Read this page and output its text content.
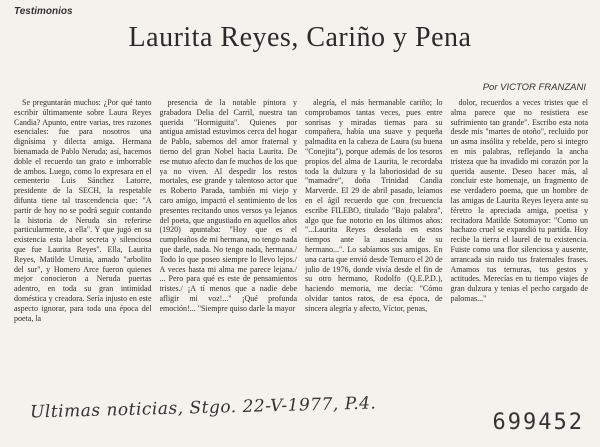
Testimonios
Laurita Reyes, Cariño y Pena
Por VICTOR FRANZANI

Se preguntarán muchos: ¿Por qué tanto escribir últimamente sobre Laura Reyes Candia? Apunto, entre varias, tres razones esenciales: fue para nosotros una dignísima y dilecta amiga. Hermana bienamada de Pablo Neruda; así, hacemos doble el recuerdo tan grato e imborrable de ambos. Luego, como lo expresara en el cementerio Luis Sánchez Latorre, presidente de la SECH, la respetable difunta tiene tal trascendencia que: "A partir de hoy no se podrá seguir contando la historia de Neruda sin referirse particularmente, a ella". Y que jugó en su existencia esta labor secreta y silenciosa que fue Laurita Reyes". Ella, Laurita Reyes, Matilde Urrutia, amado "arbolito del sur", y Homero Arce fueron quienes mejor conocieron a Neruda puertas adentro, en toda su gran intimidad doméstica y creadora. Sería injusto en este aspecto ignorar, para toda una época del poeta, la

presencia de la notable pintora y grabadora Delia del Carril, nuestra tan querida "Hormiguita". Quienes por antigua amistad estuvimos cerca del hogar de Pablo, sabemos del amor fraternal y tierno del gran Nobel hacia Laurita. De ese mutuo afecto dan fe muchos de los que ya no viven. Al despedir los restos mortales, ese grande y talentoso actor que es Roberto Parada, también mi viejo y caro amigo, impactó el sentimiento de los presentes recitando unos versos ya lejanos del poeta, que angustiado en aquellos años (1920) apuntaba: "Hoy que es el cumpleaños de mi hermana, no tengo nada que darle, nada. No tengo nada, hermana./ Todo lo que poseo siempre lo llevo lejos./ A veces hasta mi alma me parece lejana./ ... Pero para qué es este de pensamientos tristes./ ¡A tí menos que a nadie debe afligir mi voz!..." ¡Qué profunda emoción!... "Siempre quiso darle la mayor

alegría, el más hermanable cariño; lo comprobamos tantas veces, pues entre sonrisas y miradas tiernas para su compañera, había una suave y pequeña palmadita en la cabeza de Laura (su buena "Conejita"), porque además de los tesoros propios del alma de Laurita, le recordaba toda la dulzura y la laboriosidad de su "mamadre", doña Trinidad Candia Marverde. El 29 de abril pasado, leíamos en el ágil recuerdo que con frecuencia escribe FILEBO, titulado "Bajo palabra", algo que fue notorio en los últimos años: "...Laurita Reyes desolada en estos tiempos ante la ausencia de su hermano...". Lo sabíamos sus amigos. En una carta que envió desde Temuco el 20 de julio de 1976, donde vivía desde el fin de su otro hermano, Rodolfo (Q.E.P.D.), haciendo memoria, me decía: "Cómo olvidar tantos ratos, de esa época, de sincera alegría y afecto, Víctor, penas,

dolor, recuerdos a veces tristes que el alma parece que no resistiera ese sufrimiento tan grande". Escribo esta nota desde mis "martes de otoño", recluido por un asma insólita y rebelde, pero si integro en mis palabras, reflejando la ancha tristeza que ha invadido mi corazón por la querida ausente. Deseo hacer más, al concluir este homenaje, un fragmento de ese verdadero poema, que un hombre de las amigas de Laurita Reyes leyera ante su féretro la apreciada amiga, poetisa y recitadora Matilde Sotomayor: "Como un hachazo cruel se expandió tu partida. Hoy recibe la tierra el laurel de tu existencia. Fuiste como una flor silenciosa y ausente, arrancada sin ruido tus fraternales frases. Amamos tus ternuras, tus gestos y actitudes. Merecías en tu tiempo viajes de gran dulzura y tenias el pecho cargado de palomas..."

Ultimas noticias, Stgo. 22-V-1977, P.4.	699452
